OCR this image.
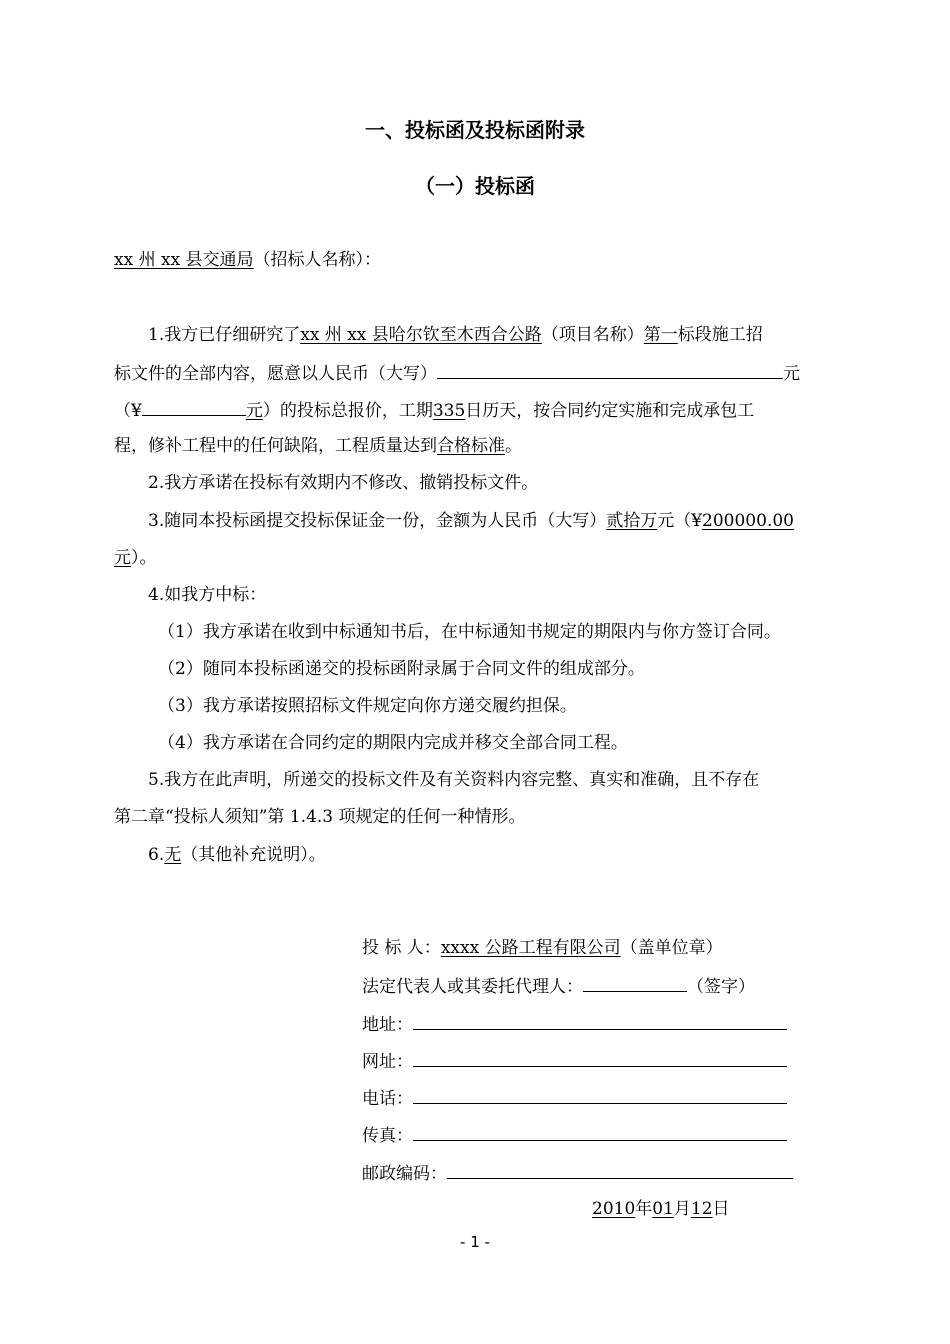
一、投标函及投标函附录
（一）投标函
xx 州 xx 县交通局（招标人名称）：
1.我方已仔细研究了xx 州 xx 县哈尔钦至木西合公路（项目名称）第一标段施工招
标文件的全部内容，愿意以人民币（大写）	元
（¥	元）的投标总报价，工期335日历天，按合同约定实施和完成承包工
程，修补工程中的任何缺陷，工程质量达到合格标准。
2.我方承诺在投标有效期内不修改、撤销投标文件。
3.随同本投标函提交投标保证金一份，金额为人民币（大写）贰拾万元（¥200000.00
元）。
4.如我方中标：
（1）我方承诺在收到中标通知书后，在中标通知书规定的期限内与你方签订合同。
（2）随同本投标函递交的投标函附录属于合同文件的组成部分。
（3）我方承诺按照招标文件规定向你方递交履约担保。
（4）我方承诺在合同约定的期限内完成并移交全部合同工程。
5.我方在此声明，所递交的投标文件及有关资料内容完整、真实和准确，且不存在
第二章“投标人须知”第 1.4.3 项规定的任何一种情形。
6.无（其他补充说明）。
投 标 人：xxxx 公路工程有限公司（盖单位章）
法定代表人或其委托代理人：	（签字）
地址：
网址：
电话：
传真：
邮政编码：
2010年01月12日
- 1 -
